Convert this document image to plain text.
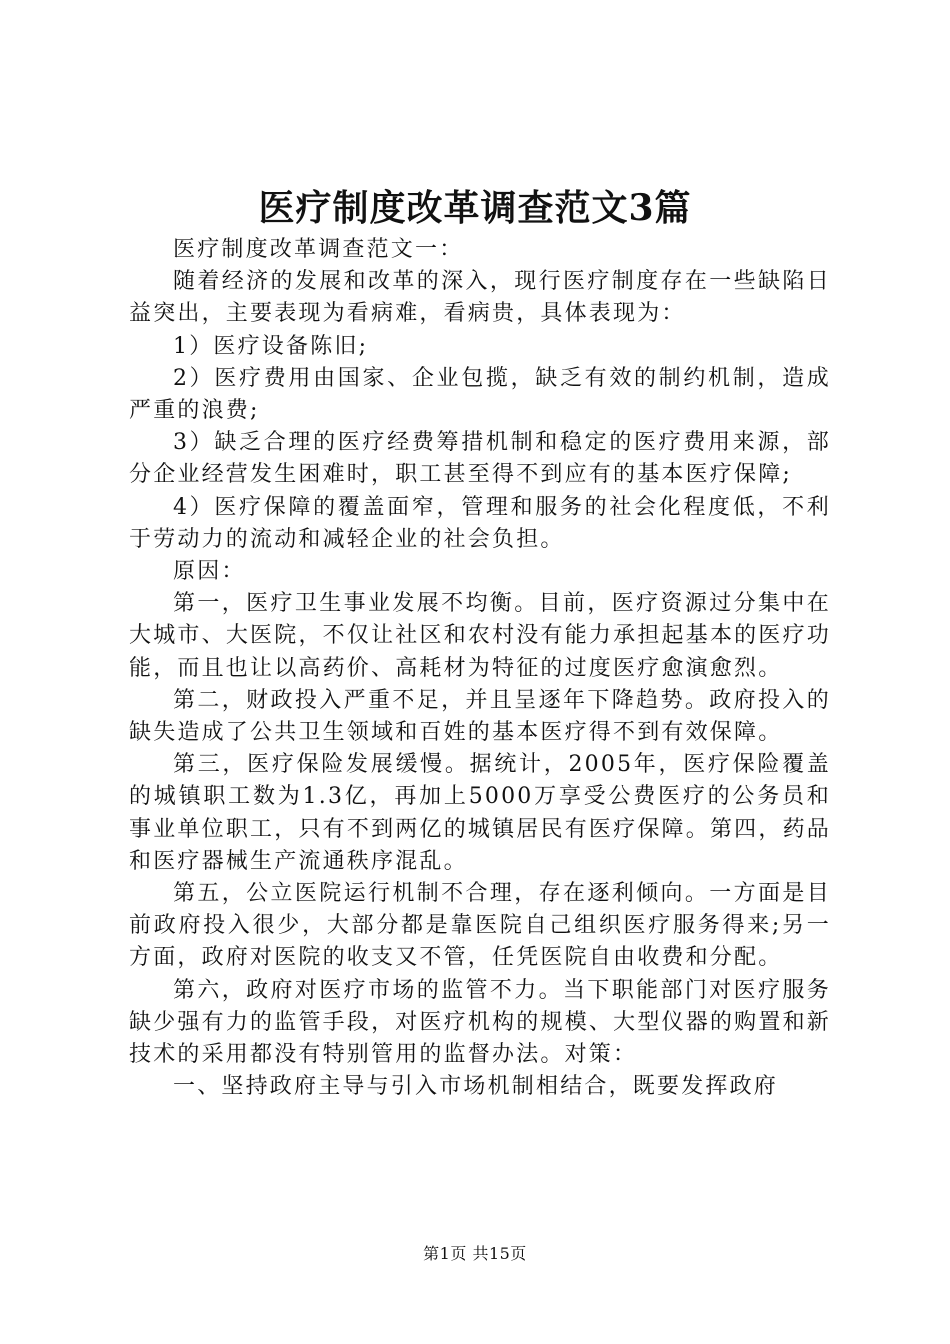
医疗制度改革调查范文3篇

医疗制度改革调查范文一：

随着经济的发展和改革的深入，现行医疗制度存在一些缺陷日益突出，主要表现为看病难，看病贵，具体表现为：

1）医疗设备陈旧;

2）医疗费用由国家、企业包揽，缺乏有效的制约机制，造成严重的浪费;

3）缺乏合理的医疗经费筹措机制和稳定的医疗费用来源，部分企业经营发生困难时，职工甚至得不到应有的基本医疗保障;

4）医疗保障的覆盖面窄，管理和服务的社会化程度低，不利于劳动力的流动和减轻企业的社会负担。

原因：

第一，医疗卫生事业发展不均衡。目前，医疗资源过分集中在大城市、大医院，不仅让社区和农村没有能力承担起基本的医疗功能，而且也让以高药价、高耗材为特征的过度医疗愈演愈烈。

第二，财政投入严重不足，并且呈逐年下降趋势。政府投入的缺失造成了公共卫生领域和百姓的基本医疗得不到有效保障。

第三，医疗保险发展缓慢。据统计，2005年，医疗保险覆盖的城镇职工数为1.3亿，再加上5000万享受公费医疗的公务员和事业单位职工，只有不到两亿的城镇居民有医疗保障。第四，药品和医疗器械生产流通秩序混乱。

第五，公立医院运行机制不合理，存在逐利倾向。一方面是目前政府投入很少，大部分都是靠医院自己组织医疗服务得来;另一方面，政府对医院的收支又不管，任凭医院自由收费和分配。

第六，政府对医疗市场的监管不力。当下职能部门对医疗服务缺少强有力的监管手段，对医疗机构的规模、大型仪器的购置和新技术的采用都没有特别管用的监督办法。对策：

一、坚持政府主导与引入市场机制相结合，既要发挥政府

第1页 共15页
